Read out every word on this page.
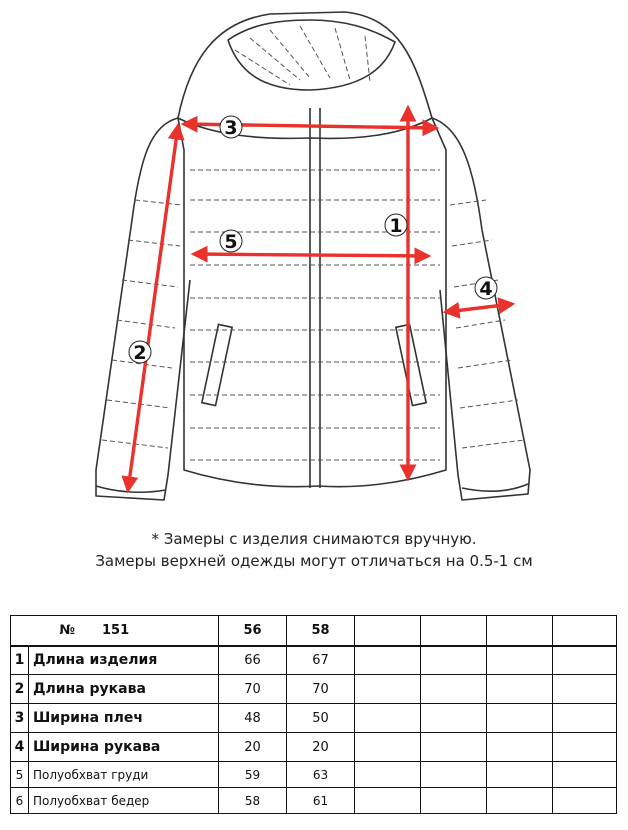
1
2
3
4
5
* Замеры с изделия снимаются вручную.
Замеры верхней одежды могут отличаться на 0.5-1 см
№ 151		56	58				
1	Длина изделия	66	67				
2	Длина рукава	70	70				
3	Ширина плеч	48	50				
4	Ширина рукава	20	20				
5	Полуобхват груди	59	63				
6	Полуобхват бедер	58	61				
